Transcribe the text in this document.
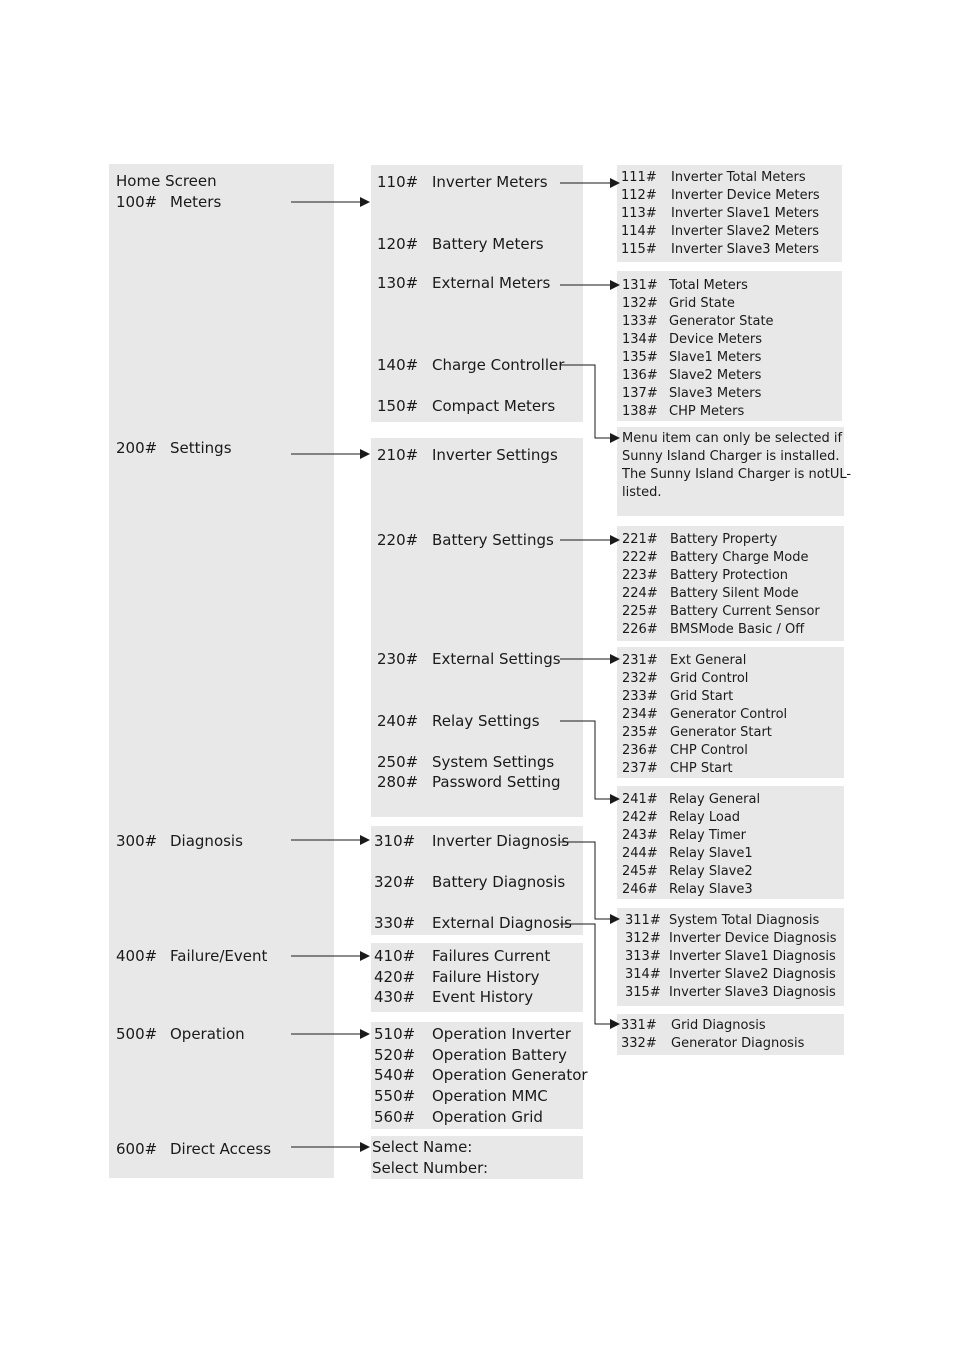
Home Screen
100# Meters
200# Settings
300# Diagnosis
400# Failure/Event
500# Operation
600# Direct Access
110# Inverter Meters
120# Battery Meters
130# External Meters
140# Charge Controller
150# Compact Meters
210# Inverter Settings
220# Battery Settings
230# External Settings
240# Relay Settings
250# System Settings
280# Password Setting
310# Inverter Diagnosis
320# Battery Diagnosis
330# External Diagnosis
410# Failures Current
420# Failure History
430# Event History
510# Operation Inverter
520# Operation Battery
540# Operation Generator
550# Operation MMC
560# Operation Grid
Select Name:
Select Number:
111# Inverter Total Meters
112# Inverter Device Meters
113# Inverter Slave1 Meters
114# Inverter Slave2 Meters
115# Inverter Slave3 Meters
131# Total Meters
132# Grid State
133# Generator State
134# Device Meters
135# Slave1 Meters
136# Slave2 Meters
137# Slave3 Meters
138# CHP Meters
221# Battery Property
222# Battery Charge Mode
223# Battery Protection
224# Battery Silent Mode
225# Battery Current Sensor
226# BMSMode Basic / Off
231# Ext General
232# Grid Control
233# Grid Start
234# Generator Control
235# Generator Start
236# CHP Control
237# CHP Start
241# Relay General
242# Relay Load
243# Relay Timer
244# Relay Slave1
245# Relay Slave2
246# Relay Slave3
311# System Total Diagnosis
312# Inverter Device Diagnosis
313# Inverter Slave1 Diagnosis
314# Inverter Slave2 Diagnosis
315# Inverter Slave3 Diagnosis
331# Grid Diagnosis
332# Generator Diagnosis
Menu item can only be selected if
Sunny Island Charger is installed.
The Sunny Island Charger is notUL-
listed.
